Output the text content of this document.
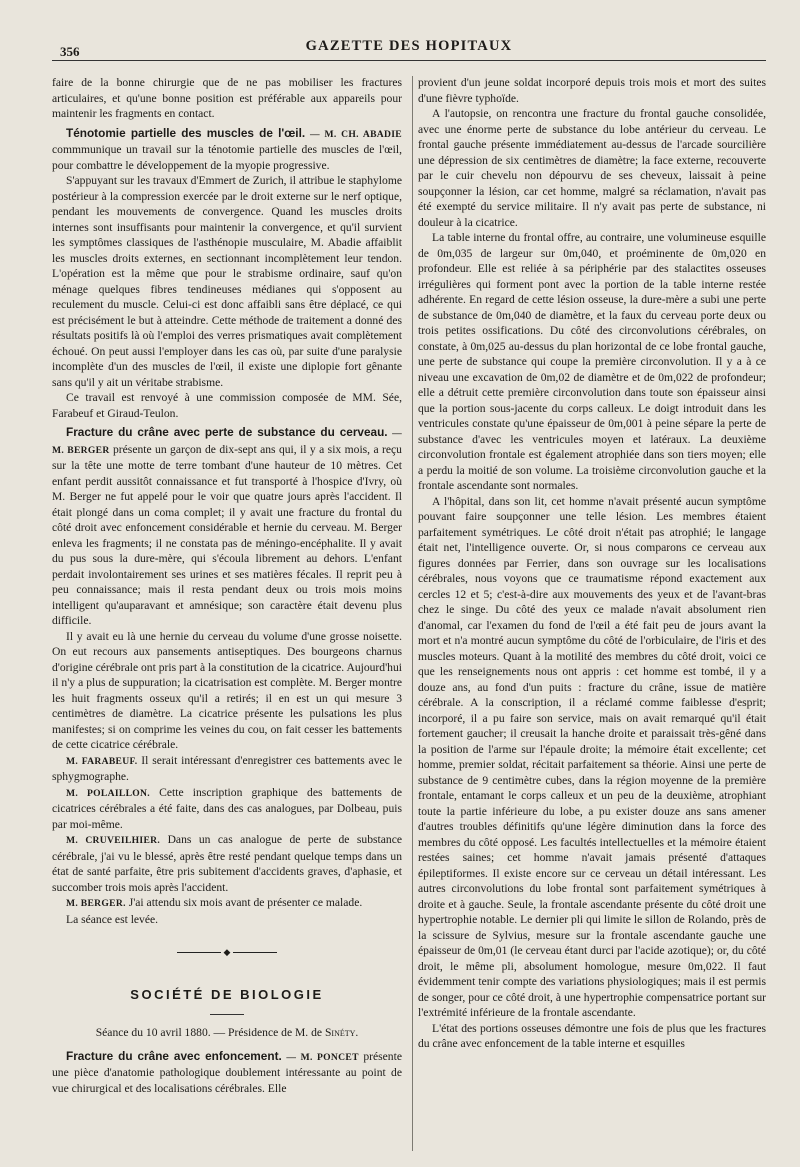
356	GAZETTE DES HOPITAUX

faire de la bonne chirurgie que de ne pas mobiliser les fractures articulaires, et qu'une bonne position est préférable aux appareils pour maintenir les fragments en contact.

Ténotomie partielle des muscles de l'œil. — M. CH. ABADIE commmunique un travail sur la ténotomie partielle des muscles de l'œil, pour combattre le développement de la myopie progressive.

S'appuyant sur les travaux d'Emmert de Zurich, il attribue le staphylome postérieur à la compression exercée par le droit externe sur le nerf optique, pendant les mouvements de convergence. Quand les muscles droits internes sont insuffisants pour maintenir la convergence, et qu'il survient les symptômes classiques de l'asthénopie musculaire, M. Abadie affaiblit les muscles droits externes, en sectionnant incomplètement leur tendon. L'opération est la même que pour le strabisme ordinaire, sauf qu'on ménage quelques fibres tendineuses médianes qui s'opposent au reculement du muscle. Celui-ci est donc affaibli sans être déplacé, ce qui est précisément le but à atteindre. Cette méthode de traitement a donné des résultats positifs là où l'emploi des verres prismatiques avait complètement échoué. On peut aussi l'employer dans les cas où, par suite d'une paralysie incomplète d'un des muscles de l'œil, il existe une diplopie fort gênante sans qu'il y ait un véritabe strabisme.

Ce travail est renvoyé à une commission composée de MM. Sée, Farabeuf et Giraud-Teulon.

Fracture du crâne avec perte de substance du cerveau. — M. BERGER présente un garçon de dix-sept ans qui, il y a six mois, a reçu sur la tête une motte de terre tombant d'une hauteur de 10 mètres. Cet enfant perdit aussitôt connaissance et fut transporté à l'hospice d'Ivry, où M. Berger ne fut appelé pour le voir que quatre jours après l'accident. Il était plongé dans un coma complet; il y avait une fracture du frontal du côté droit avec enfoncement considérable et hernie du cerveau. M. Berger enleva les fragments; il ne constata pas de méningo-encéphalite. Il y avait du pus sous la dure-mère, qui s'écoula librement au dehors. L'enfant perdait involontairement ses urines et ses matières fécales. Il reprit peu à peu connaissance; mais il resta pendant deux ou trois mois moins intelligent qu'auparavant et amnésique; son caractère était devenu plus difficile.

Il y avait eu là une hernie du cerveau du volume d'une grosse noisette. On eut recours aux pansements antiseptiques. Des bourgeons charnus d'origine cérébrale ont pris part à la constitution de la cicatrice. Aujourd'hui il n'y a plus de suppuration; la cicatrisation est complète. M. Berger montre les huit fragments osseux qu'il a retirés; il en est un qui mesure 3 centimètres de diamètre. La cicatrice présente les pulsations les plus manifestes; si on comprime les veines du cou, on fait cesser les battements de cette cicatrice cérébrale.

M. FARABEUF. Il serait intéressant d'enregistrer ces battements avec le sphygmographe.

M. POLAILLON. Cette inscription graphique des battements de cicatrices cérébrales a été faite, dans des cas analogues, par Dolbeau, puis par moi-même.

M. CRUVEILHIER. Dans un cas analogue de perte de substance cérébrale, j'ai vu le blessé, après être resté pendant quelque temps dans un état de santé parfaite, être pris subitement d'accidents graves, d'aphasie, et succomber trois mois après l'accident.

M. BERGER. J'ai attendu six mois avant de présenter ce malade.

La séance est levée.

◆
SOCIÉTÉ DE BIOLOGIE

Séance du 10 avril 1880. — Présidence de M. de Sinéty.

Fracture du crâne avec enfoncement. — M. PONCET présente une pièce d'anatomie pathologique doublement intéressante au point de vue chirurgical et des localisations cérébrales. Elle

provient d'un jeune soldat incorporé depuis trois mois et mort des suites d'une fièvre typhoïde.

A l'autopsie, on rencontra une fracture du frontal gauche consolidée, avec une énorme perte de substance du lobe antérieur du cerveau. Le frontal gauche présente immédiatement au-dessus de l'arcade sourcilière une dépression de six centimètres de diamètre; la face externe, recouverte par le cuir chevelu non dépourvu de ses cheveux, laissait à peine soupçonner la lésion, car cet homme, malgré sa réclamation, n'avait pas été exempté du service militaire. Il n'y avait pas perte de substance, ni douleur à la cicatrice.

La table interne du frontal offre, au contraire, une volumineuse esquille de 0m,035 de largeur sur 0m,040, et proéminente de 0m,020 en profondeur. Elle est reliée à sa périphérie par des stalactites osseuses irrégulières qui forment pont avec la portion de la table interne restée adhérente. En regard de cette lésion osseuse, la dure-mère a subi une perte de substance de 0m,040 de diamètre, et la faux du cerveau porte deux ou trois petites ossifications. Du côté des circonvolutions cérébrales, on constate, à 0m,025 au-dessus du plan horizontal de ce lobe frontal gauche, une perte de substance qui coupe la première circonvolution. Il y a à ce niveau une excavation de 0m,02 de diamètre et de 0m,022 de profondeur; elle a détruit cette première circonvolution dans toute son épaisseur ainsi que la portion sous-jacente du corps calleux. Le doigt introduit dans les ventricules constate qu'une épaisseur de 0m,001 à peine sépare la perte de substance d'avec les ventricules moyen et latéraux. La deuxième circonvolution frontale est également atrophiée dans son tiers moyen; elle a perdu la moitié de son volume. La troisième circonvolution gauche et la frontale ascendante sont normales.

A l'hôpital, dans son lit, cet homme n'avait présenté aucun symptôme pouvant faire soupçonner une telle lésion. Les membres étaient parfaitement symétriques. Le côté droit n'était pas atrophié; le langage était net, l'intelligence ouverte. Or, si nous comparons ce cerveau aux figures données par Ferrier, dans son ouvrage sur les localisations cérébrales, nous voyons que ce traumatisme répond exactement aux cercles 12 et 5; c'est-à-dire aux mouvements des yeux et de l'avant-bras chez le singe. Du côté des yeux ce malade n'avait absolument rien d'anomal, car l'examen du fond de l'œil a été fait peu de jours avant la mort et n'a montré aucun symptôme du côté de l'orbiculaire, de l'iris et des muscles moteurs. Quant à la motilité des membres du côté droit, voici ce que les renseignements nous ont appris : cet homme est tombé, il y a douze ans, au fond d'un puits : fracture du crâne, issue de matière cérébrale. A la conscription, il a réclamé comme faiblesse d'esprit; incorporé, il a pu faire son service, mais on avait remarqué qu'il était fortement gaucher; il creusait la hanche droite et paraissait très-gêné dans la position de l'arme sur l'épaule droite; la mémoire était excellente; cet homme, premier soldat, récitait parfaitement sa théorie. Ainsi une perte de substance de 9 centimètre cubes, dans la région moyenne de la première frontale, entamant le corps calleux et un peu de la deuxième, atrophiant toute la partie inférieure du lobe, a pu exister douze ans sans amener d'autres troubles définitifs qu'une légère diminution dans la force des membres du côté opposé. Les facultés intellectuelles et la mémoire étaient restées saines; cet homme n'avait jamais présenté d'attaques épileptiformes. Il existe encore sur ce cerveau un détail intéressant. Les autres circonvolutions du lobe frontal sont parfaitement symétriques à droite et à gauche. Seule, la frontale ascendante présente du côté droit une hypertrophie notable. Le dernier pli qui limite le sillon de Rolando, près de la scissure de Sylvius, mesure sur la frontale ascendante gauche une épaisseur de 0m,01 (le cerveau étant durci par l'acide azotique); or, du côté droit, le même pli, absolument homologue, mesure 0m,022. Il faut évidemment tenir compte des variations physiologiques; mais il est permis de songer, pour ce côté droit, à une hypertrophie compensatrice portant sur l'extrémité inférieure de la frontale ascendante.

L'état des portions osseuses démontre une fois de plus que les fractures du crâne avec enfoncement de la table interne et esquilles
